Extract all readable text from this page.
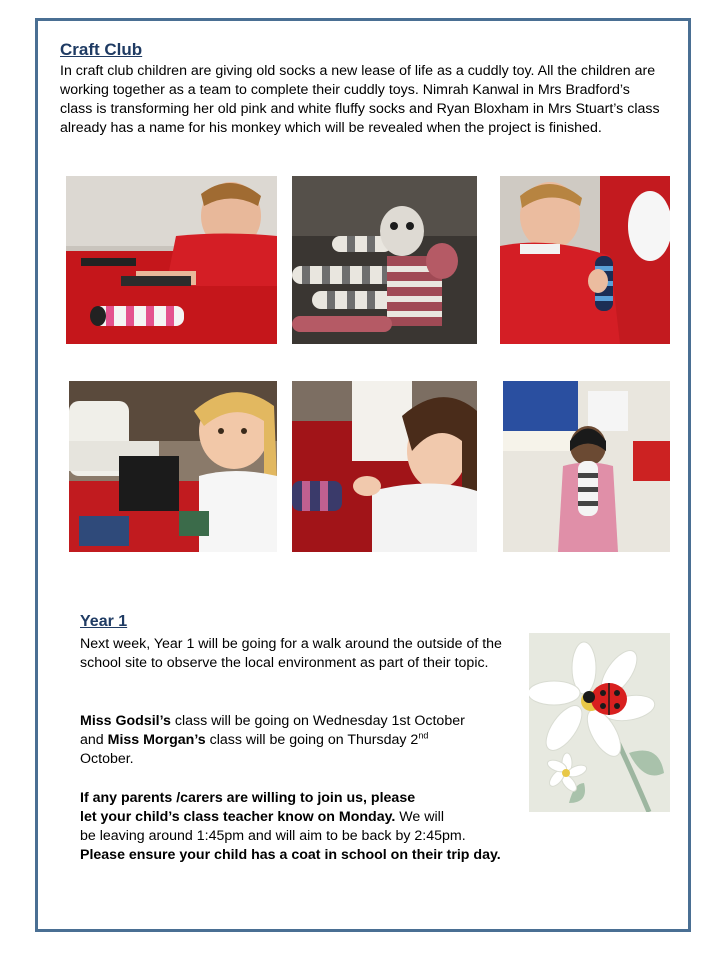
Craft Club

In craft club children are giving old socks a new lease of life as a cuddly toy. All the children are working together as a team to complete their cuddly toys. Nimrah Kanwal in Mrs Bradford’s class is transforming her old pink and white fluffy socks and Ryan Bloxham in Mrs Stuart’s class already has a name for his monkey which will be revealed when the project is finished.

Year 1

Next week, Year 1 will be going for a walk around the outside of the school site to observe the local environment as part of their topic.

Miss Godsil’s class will be going on Wednesday 1st October
and Miss Morgan’s class will be going on Thursday 2nd
October.

If any parents /carers are willing to join us, please
let your child’s class teacher know on Monday. We will
be leaving around 1:45pm and will aim to be back by 2:45pm.
Please ensure your child has a coat in school on their trip day.
